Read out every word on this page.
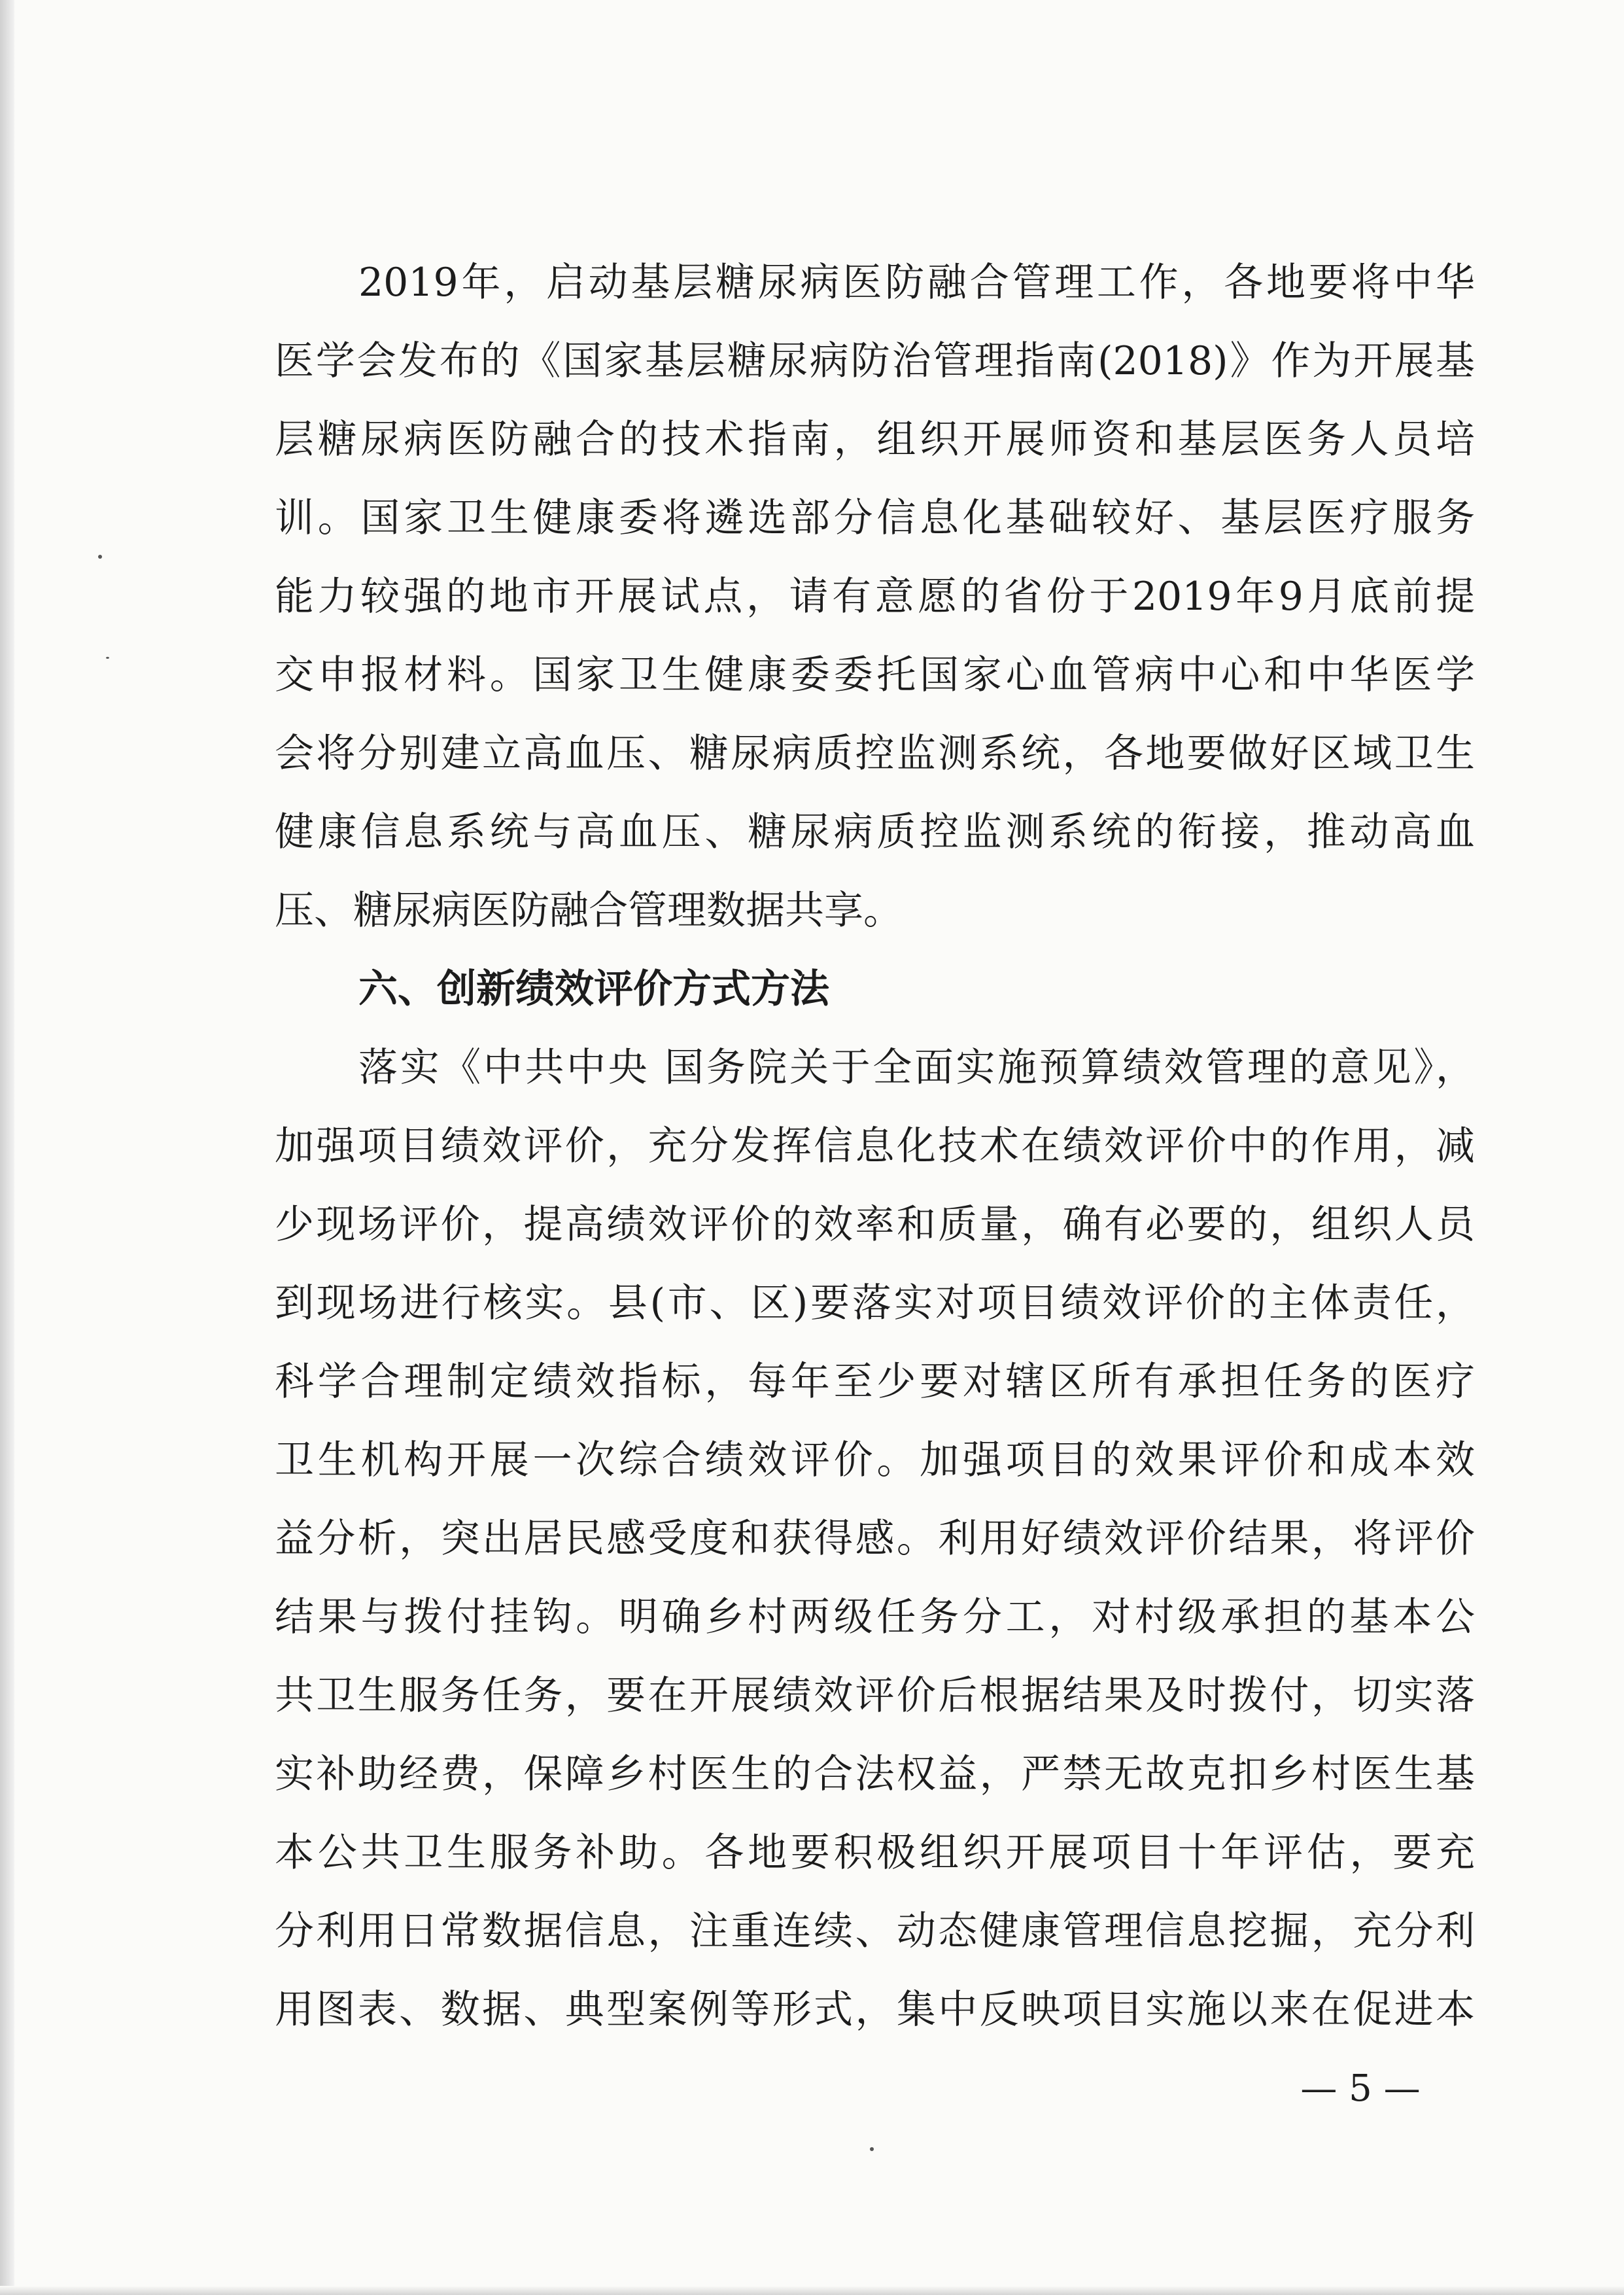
2019年，启动基层糖尿病医防融合管理工作，各地要将中华
医学会发布的《国家基层糖尿病防治管理指南(2018)》作为开展基
层糖尿病医防融合的技术指南，组织开展师资和基层医务人员培
训。国家卫生健康委将遴选部分信息化基础较好、基层医疗服务
能力较强的地市开展试点，请有意愿的省份于2019年9月底前提
交申报材料。国家卫生健康委委托国家心血管病中心和中华医学
会将分别建立高血压、糖尿病质控监测系统，各地要做好区域卫生
健康信息系统与高血压、糖尿病质控监测系统的衔接，推动高血
压、糖尿病医防融合管理数据共享。
六、创新绩效评价方式方法
落实《中共中央 国务院关于全面实施预算绩效管理的意见》，
加强项目绩效评价，充分发挥信息化技术在绩效评价中的作用，减
少现场评价，提高绩效评价的效率和质量，确有必要的，组织人员
到现场进行核实。县(市、区)要落实对项目绩效评价的主体责任，
科学合理制定绩效指标，每年至少要对辖区所有承担任务的医疗
卫生机构开展一次综合绩效评价。加强项目的效果评价和成本效
益分析，突出居民感受度和获得感。利用好绩效评价结果，将评价
结果与拨付挂钩。明确乡村两级任务分工，对村级承担的基本公
共卫生服务任务，要在开展绩效评价后根据结果及时拨付，切实落
实补助经费，保障乡村医生的合法权益，严禁无故克扣乡村医生基
本公共卫生服务补助。各地要积极组织开展项目十年评估，要充
分利用日常数据信息，注重连续、动态健康管理信息挖掘，充分利
用图表、数据、典型案例等形式，集中反映项目实施以来在促进本
— 5 —
